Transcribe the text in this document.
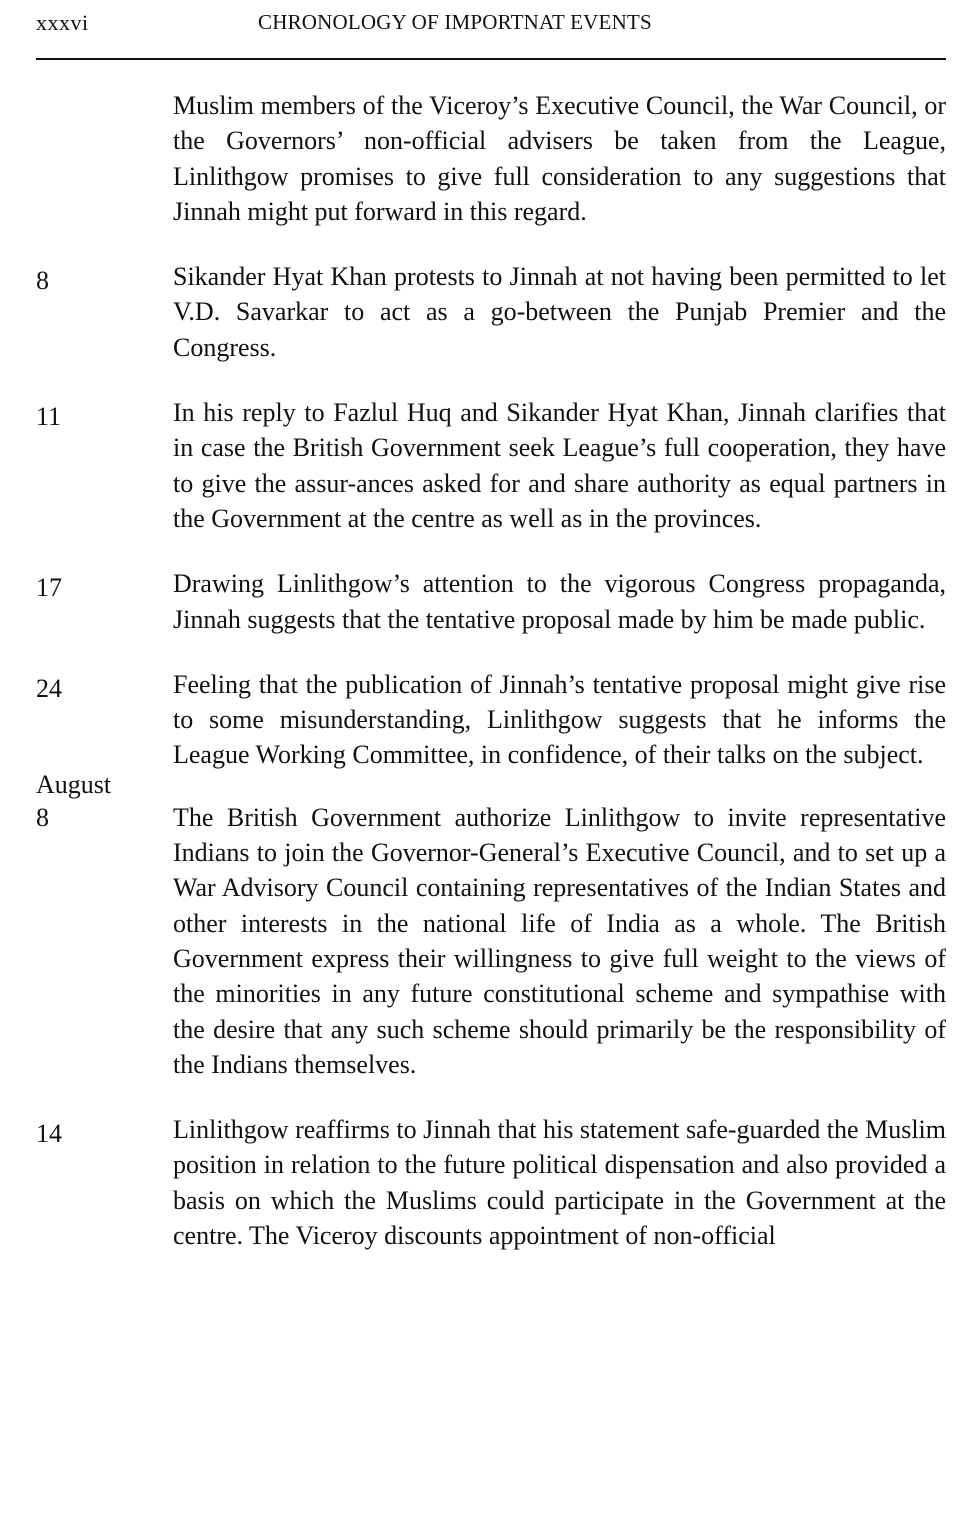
xxxvi	CHRONOLOGY OF IMPORTNAT EVENTS
Muslim members of the Viceroy’s Executive Council, the War Council, or the Governors’ non-official advisers be taken from the League, Linlithgow promises to give full consideration to any suggestions that Jinnah might put forward in this regard.
8	Sikander Hyat Khan protests to Jinnah at not having been permitted to let V.D. Savarkar to act as a go-between the Punjab Premier and the Congress.
11	In his reply to Fazlul Huq and Sikander Hyat Khan, Jinnah clarifies that in case the British Government seek League’s full cooperation, they have to give the assur-ances asked for and share authority as equal partners in the Government at the centre as well as in the provinces.
17	Drawing Linlithgow’s attention to the vigorous Congress propaganda, Jinnah suggests that the tentative proposal made by him be made public.
24	Feeling that the publication of Jinnah’s tentative proposal might give rise to some misunderstanding, Linlithgow suggests that he informs the League Working Committee, in confidence, of their talks on the subject.
August
8	The British Government authorize Linlithgow to invite representative Indians to join the Governor-General’s Executive Council, and to set up a War Advisory Council containing representatives of the Indian States and other interests in the national life of India as a whole. The British Government express their willingness to give full weight to the views of the minorities in any future constitutional scheme and sympathise with the desire that any such scheme should primarily be the responsibility of the Indians themselves.
14	Linlithgow reaffirms to Jinnah that his statement safe-guarded the Muslim position in relation to the future political dispensation and also provided a basis on which the Muslims could participate in the Government at the centre. The Viceroy discounts appointment of non-official
